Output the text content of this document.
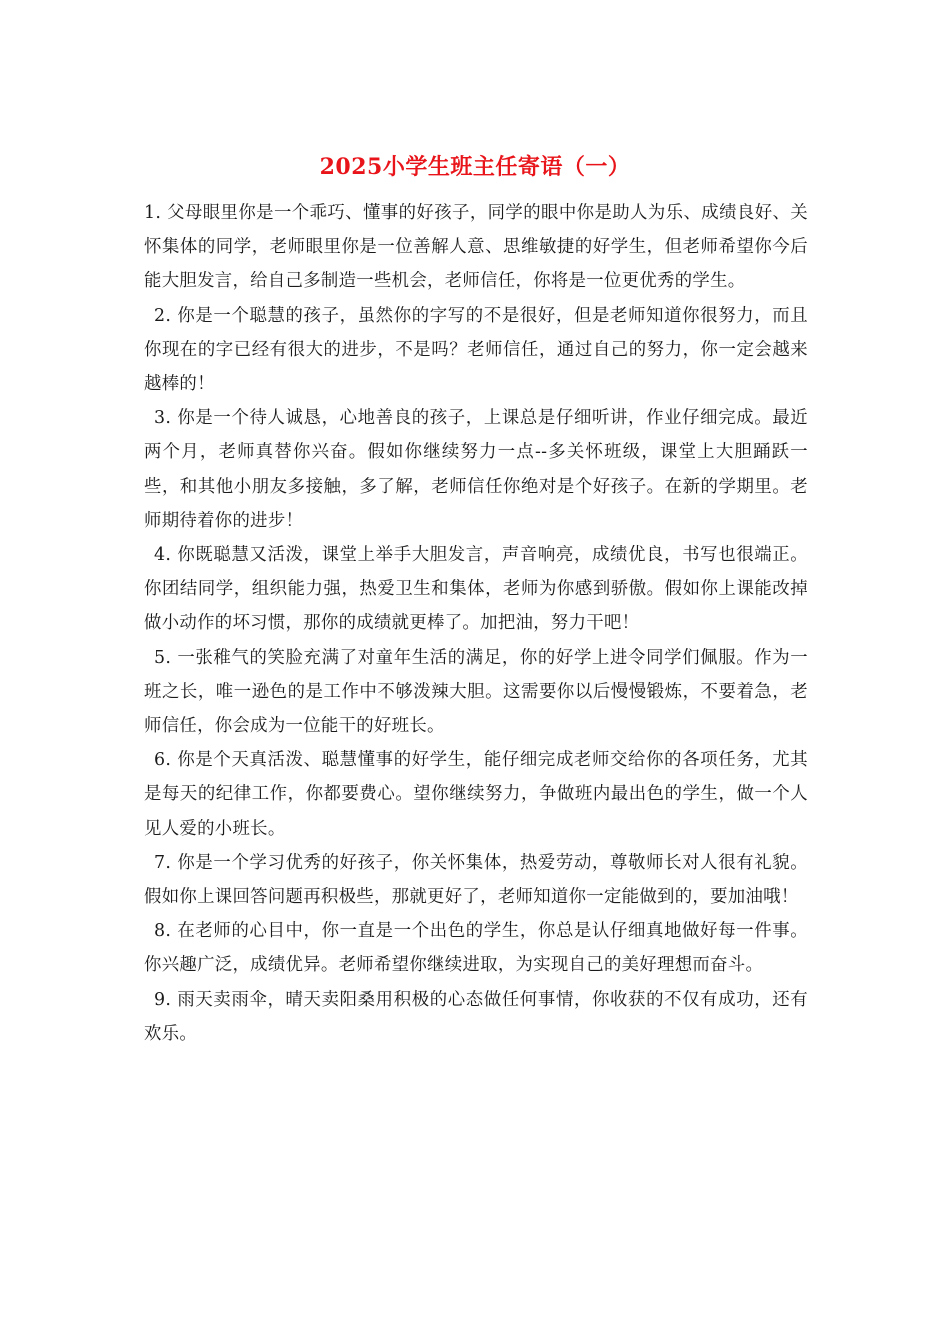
2025小学生班主任寄语（一）

1. 父母眼里你是一个乖巧、懂事的好孩子，同学的眼中你是助人为乐、成绩良好、关怀集体的同学，老师眼里你是一位善解人意、思维敏捷的好学生，但老师希望你今后能大胆发言，给自己多制造一些机会，老师信任，你将是一位更优秀的学生。

2. 你是一个聪慧的孩子，虽然你的字写的不是很好，但是老师知道你很努力，而且你现在的字已经有很大的进步，不是吗？老师信任，通过自己的努力，你一定会越来越棒的！

3. 你是一个待人诚恳，心地善良的孩子，上课总是仔细听讲，作业仔细完成。最近两个月，老师真替你兴奋。假如你继续努力一点--多关怀班级，课堂上大胆踊跃一些，和其他小朋友多接触，多了解，老师信任你绝对是个好孩子。在新的学期里。老师期待着你的进步！

4. 你既聪慧又活泼，课堂上举手大胆发言，声音响亮，成绩优良，书写也很端正。你团结同学，组织能力强，热爱卫生和集体，老师为你感到骄傲。假如你上课能改掉做小动作的坏习惯，那你的成绩就更棒了。加把油，努力干吧！

5. 一张稚气的笑脸充满了对童年生活的满足，你的好学上进令同学们佩服。作为一班之长，唯一逊色的是工作中不够泼辣大胆。这需要你以后慢慢锻炼，不要着急，老师信任，你会成为一位能干的好班长。

6. 你是个天真活泼、聪慧懂事的好学生，能仔细完成老师交给你的各项任务，尤其是每天的纪律工作，你都要费心。望你继续努力，争做班内最出色的学生，做一个人见人爱的小班长。

7. 你是一个学习优秀的好孩子，你关怀集体，热爱劳动，尊敬师长对人很有礼貌。假如你上课回答问题再积极些，那就更好了，老师知道你一定能做到的，要加油哦！

8. 在老师的心目中，你一直是一个出色的学生，你总是认仔细真地做好每一件事。你兴趣广泛，成绩优异。老师希望你继续进取，为实现自己的美好理想而奋斗。

9. 雨天卖雨伞，晴天卖阳桑用积极的心态做任何事情，你收获的不仅有成功，还有欢乐。
